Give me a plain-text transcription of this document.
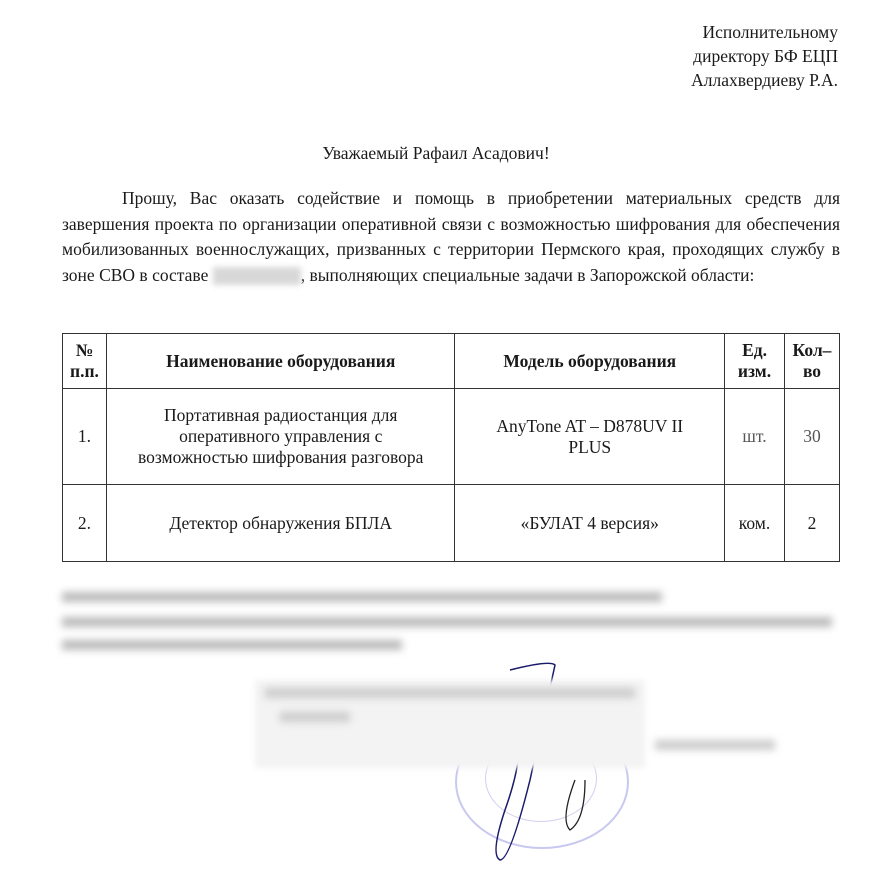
Исполнительному
директору БФ ЕЦП
Аллахвердиеву Р.А.
Уважаемый Рафаил Асадович!
Прошу, Вас оказать содействие и помощь в приобретении материальных средств для завершения проекта по организации оперативной связи с возможностью шифрования для обеспечения мобилизованных военнослужащих, призванных с территории Пермского края, проходящих службу в зоне СВО в составе	, выполняющих специальные задачи в Запорожской области:
№ п.п.	Наименование оборудования	Модель оборудования	Ед. изм.	Кол–во
1.	Портативная радиостанция для оперативного управления с возможностью шифрования разговора	AnyTone AT – D878UV II PLUS	шт.	30
2.	Детектор обнаружения БПЛА	«БУЛАТ 4 версия»	ком.	2
